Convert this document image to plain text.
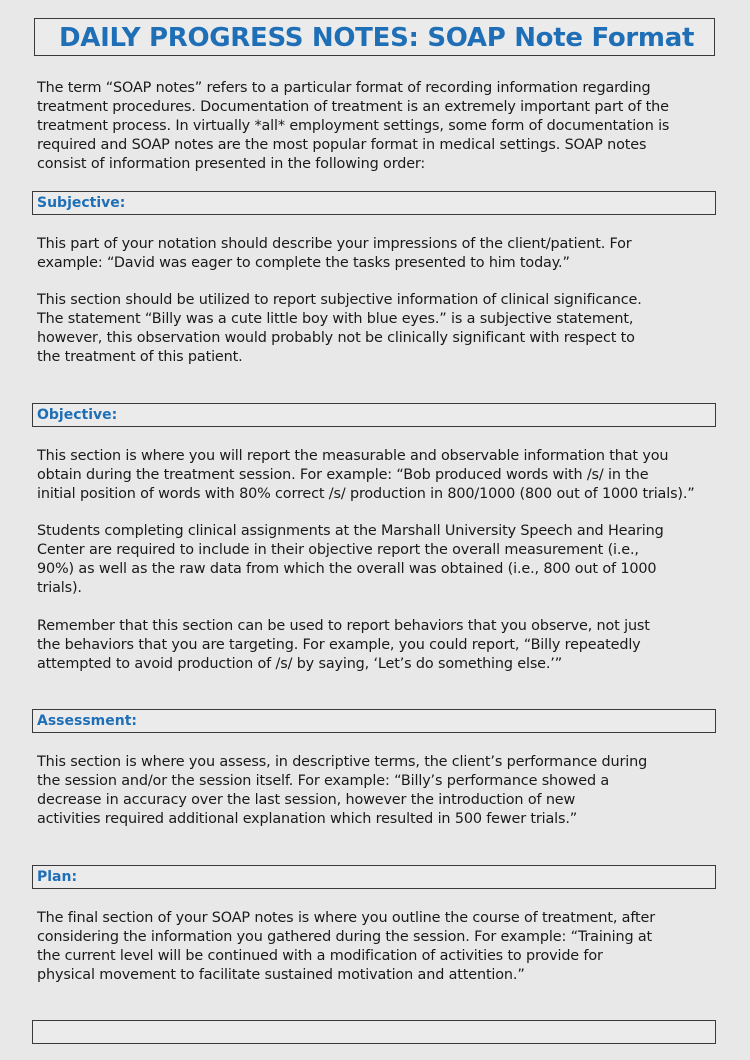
DAILY PROGRESS NOTES: SOAP Note Format
The term “SOAP notes” refers to a particular format of recording information regarding
treatment procedures. Documentation of treatment is an extremely important part of the
treatment process. In virtually *all* employment settings, some form of documentation is
required and SOAP notes are the most popular format in medical settings. SOAP notes
consist of information presented in the following order:
Subjective:
This part of your notation should describe your impressions of the client/patient. For
example: “David was eager to complete the tasks presented to him today.”
This section should be utilized to report subjective information of clinical significance.
The statement “Billy was a cute little boy with blue eyes.” is a subjective statement,
however, this observation would probably not be clinically significant with respect to
the treatment of this patient.
Objective:
This section is where you will report the measurable and observable information that you
obtain during the treatment session. For example: “Bob produced words with /s/ in the
initial position of words with 80% correct /s/ production in 800/1000 (800 out of 1000 trials).”
Students completing clinical assignments at the Marshall University Speech and Hearing
Center are required to include in their objective report the overall measurement (i.e.,
90%) as well as the raw data from which the overall was obtained (i.e., 800 out of 1000
trials).
Remember that this section can be used to report behaviors that you observe, not just
the behaviors that you are targeting. For example, you could report, “Billy repeatedly
attempted to avoid production of /s/ by saying, ‘Let’s do something else.’”
Assessment:
This section is where you assess, in descriptive terms, the client’s performance during
the session and/or the session itself. For example: “Billy’s performance showed a
decrease in accuracy over the last session, however the introduction of new
activities required additional explanation which resulted in 500 fewer trials.”
Plan:
The final section of your SOAP notes is where you outline the course of treatment, after
considering the information you gathered during the session. For example: “Training at
the current level will be continued with a modification of activities to provide for
physical movement to facilitate sustained motivation and attention.”
